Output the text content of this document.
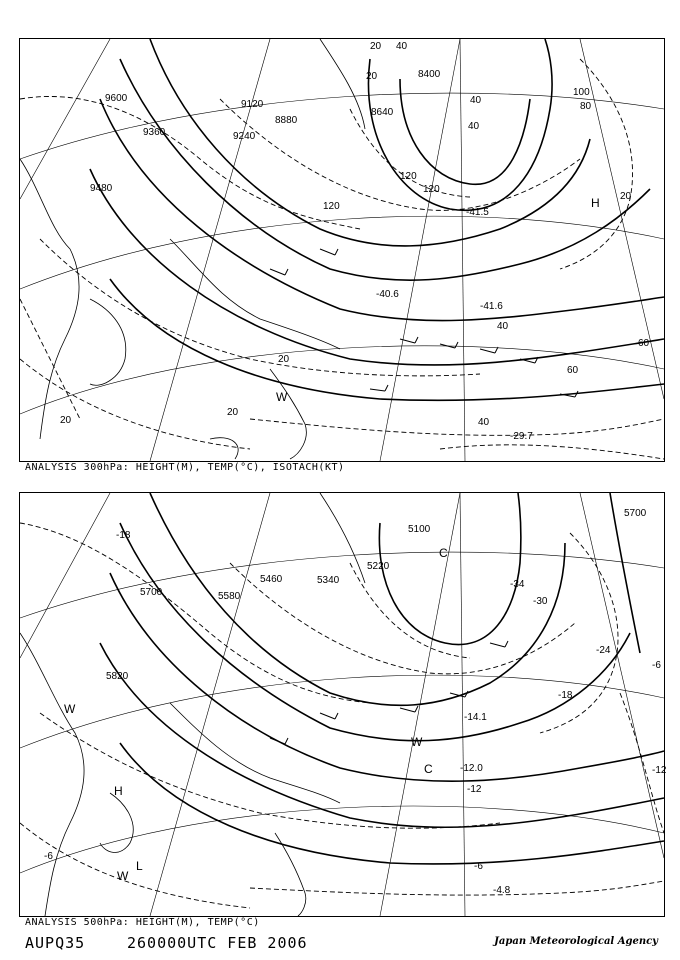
9600
9480
9360	9240
9120
8880
8640
8400
20
20
20
20
20
20
40
40
40
40
40
60
60
80
100
120
120
120
-41.6
-40.6
-29.7
-41.5
H
W
ANALYSIS 300hPa: HEIGHT(M), TEMP(°C), ISOTACH(KT)
5820
5700	5580
5460	5340
5220
5100
5700
-18
-30
-34
-24
-18
-12
-6
-6
-6
-12
-14.1
-12.0
-4.8
H
W
C
L
W
C
W
ANALYSIS 500hPa: HEIGHT(M), TEMP(°C)
AUPQ35	260000UTC FEB 2006	Japan Meteorological Agency
